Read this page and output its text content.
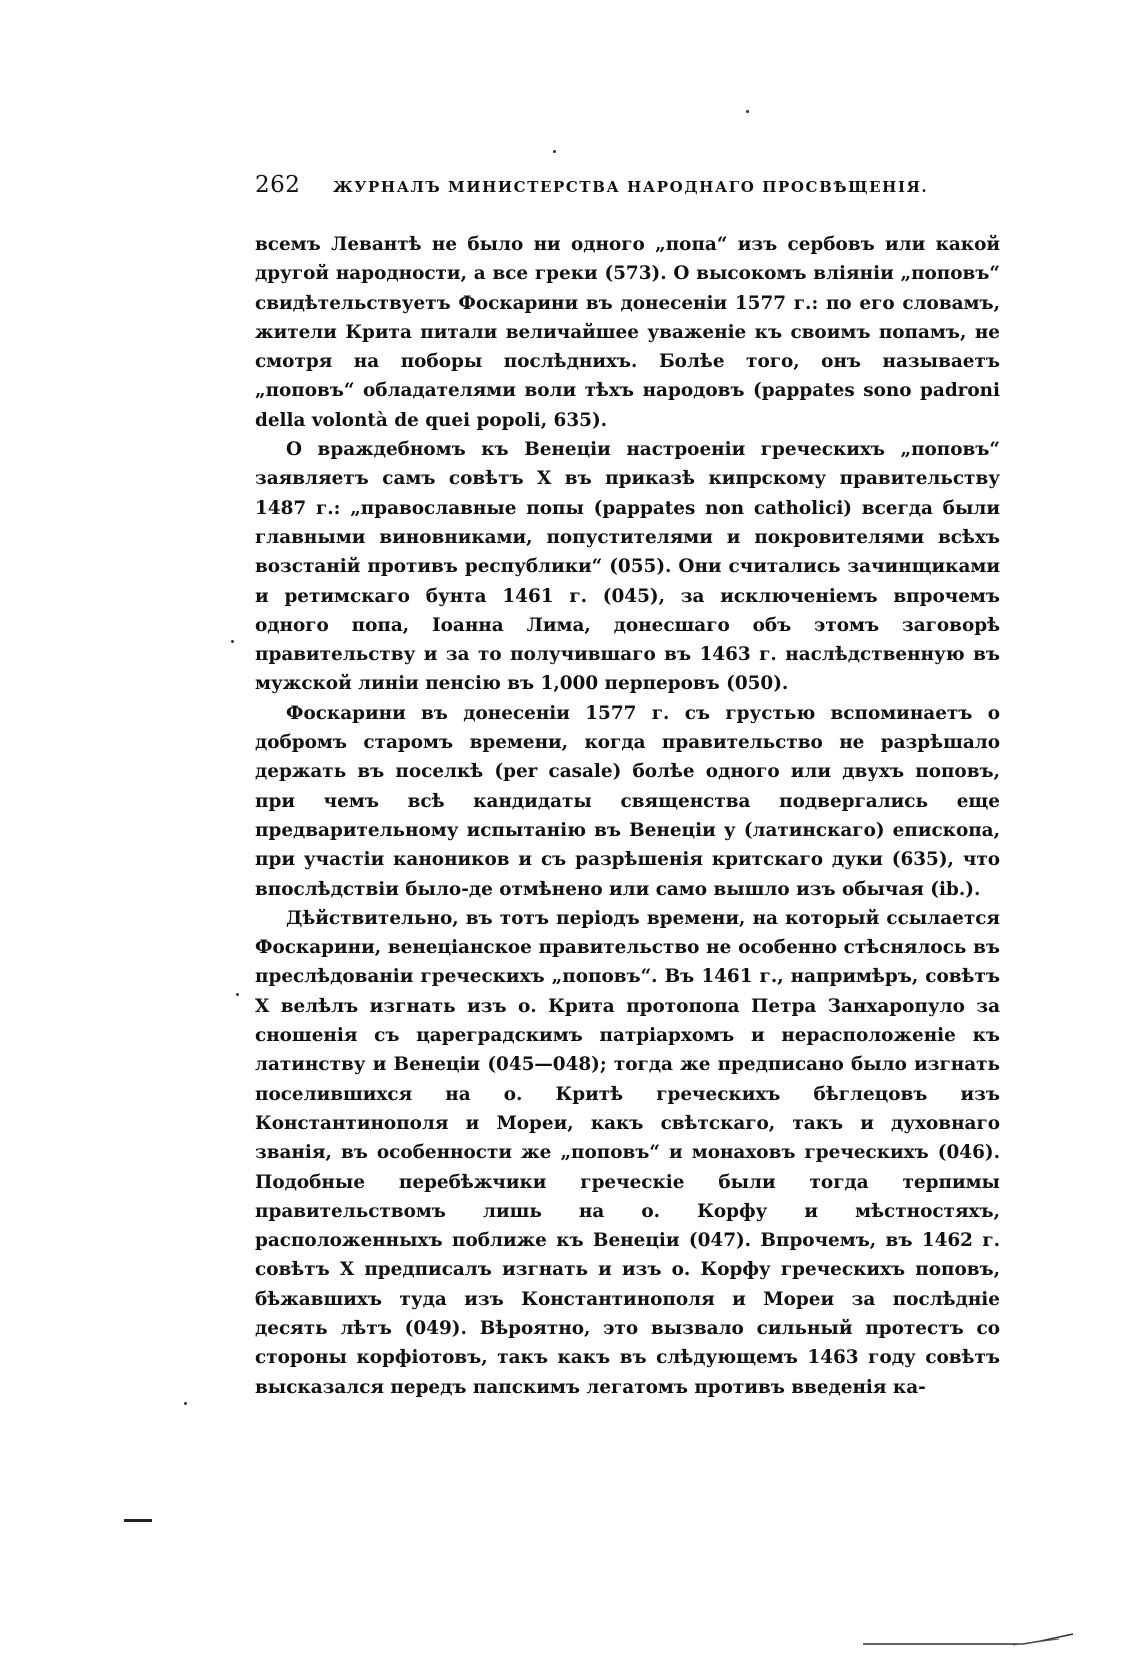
262	ЖУРНАЛЪ МИНИСТЕРСТВА НАРОДНАГО ПРОСВѢЩЕНІЯ.

всемъ Левантѣ не было ни одного „попа“ изъ сербовъ или какой другой народности, а все греки (573). О высокомъ вліяніи „поповъ“ свидѣтельствуетъ Фоскарини въ донесеніи 1577 г.: по его словамъ, жители Крита питали величайшее уваженіе къ своимъ попамъ, не смотря на поборы послѣднихъ. Болѣе того, онъ называетъ „поповъ“ обладателями воли тѣхъ народовъ (pappates sono padroni della volontà de quei popoli, 635).

О враждебномъ къ Венеціи настроеніи греческихъ „поповъ“ заявляетъ самъ совѣтъ X въ приказѣ кипрскому правительству 1487 г.: „православные попы (pappates non catholici) всегда были главными виновниками, попустителями и покровителями всѣхъ возстаній противъ республики“ (055). Они считались зачинщиками и ретимскаго бунта 1461 г. (045), за исключеніемъ впрочемъ одного попа, Іоанна Лима, донесшаго объ этомъ заговорѣ правительству и за то получившаго въ 1463 г. наслѣдственную въ мужской линіи пенсію въ 1,000 перперовъ (050).

Фоскарини въ донесеніи 1577 г. съ грустью вспоминаетъ о добромъ старомъ времени, когда правительство не разрѣшало держать въ поселкѣ (per casale) болѣе одного или двухъ поповъ, при чемъ всѣ кандидаты священства подвергались еще предварительному испытанію въ Венеціи у (латинскаго) епископа, при участіи каноников и съ разрѣшенія критскаго дуки (635), что впослѣдствіи было-де отмѣнено или само вышло изъ обычая (ib.).

Дѣйствительно, въ тотъ періодъ времени, на который ссылается Фоскарини, венеціанское правительство не особенно стѣснялось въ преслѣдованіи греческихъ „поповъ“. Въ 1461 г., напримѣръ, совѣтъ X велѣлъ изгнать изъ о. Крита протопопа Петра Занхаропуло за сношенія съ цареградскимъ патріархомъ и нерасположеніе къ латинству и Венеціи (045—048); тогда же предписано было изгнать поселившихся на о. Критѣ греческихъ бѣглецовъ изъ Константинополя и Мореи, какъ свѣтскаго, такъ и духовнаго званія, въ особенности же „поповъ“ и монаховъ греческихъ (046). Подобные перебѣжчики греческіе были тогда терпимы правительствомъ лишь на о. Корфу и мѣстностяхъ, расположенныхъ поближе къ Венеціи (047). Впрочемъ, въ 1462 г. совѣтъ X предписалъ изгнать и изъ о. Корфу греческихъ поповъ, бѣжавшихъ туда изъ Константинополя и Мореи за послѣдніе десять лѣтъ (049). Вѣроятно, это вызвало сильный протестъ со стороны корфіотовъ, такъ какъ въ слѣдующемъ 1463 году совѣтъ высказался передъ папскимъ легатомъ противъ введенія ка-
